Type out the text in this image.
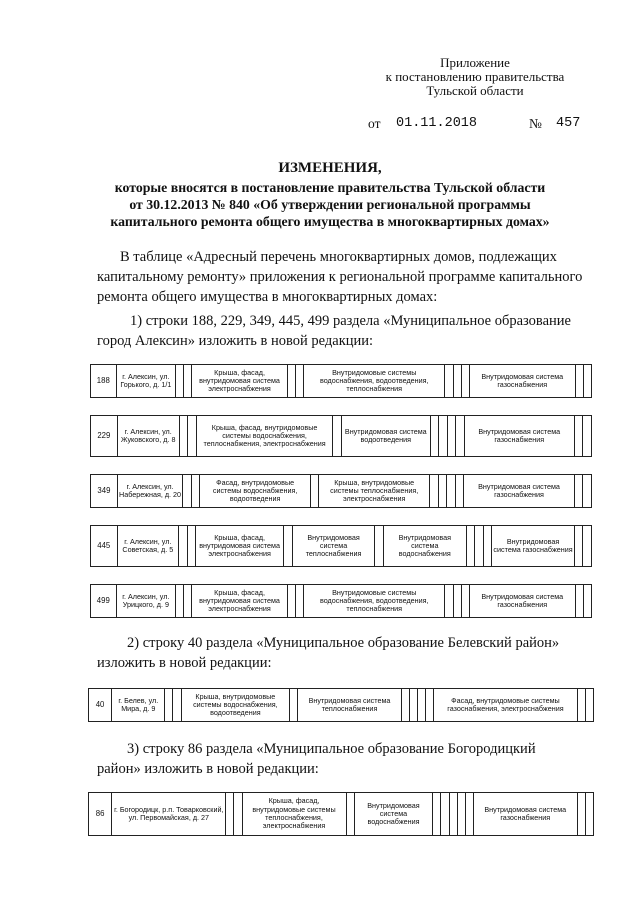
Приложение
к постановлению правительства
Тульской области
от 01.11.2018	№ 457
ИЗМЕНЕНИЯ,
которые вносятся в постановление правительства Тульской области
от 30.12.2013 № 840 «Об утверждении региональной программы
капитального ремонта общего имущества в многоквартирных домах»
В таблице «Адресный перечень многоквартирных домов, подлежащих
капитальному ремонту» приложения к региональной программе капитального
ремонта общего имущества в многоквартирных домах:
1) строки 188, 229, 349, 445, 499 раздела «Муниципальное образование
город Алексин» изложить в новой редакции:
188	г. Алексин, ул. Горького, д. 1/1			Крыша, фасад, внутридомовая система электроснабжения			Внутридомовые системы водоснабжения, водоотведения, теплоснабжения				Внутридомовая система газоснабжения		
229	г. Алексин, ул. Жуковского, д. 8			Крыша, фасад, внутридомовые системы водоснабжения, теплоснабжения, электроснабжения		Внутридомовая система водоотведения					Внутридомовая система газоснабжения		
349	г. Алексин, ул. Набережная, д. 20			Фасад, внутридомовые системы водоснабжения, водоотведения		Крыша, внутридомовые системы теплоснабжения, электроснабжения					Внутридомовая система газоснабжения		
445	г. Алексин, ул. Советская, д. 5			Крыша, фасад, внутридомовая система электроснабжения		Внутридомовая система теплоснабжения		Внутридомовая система водоснабжения				Внутридомовая система газоснабжения		
499	г. Алексин, ул. Урицкого, д. 9			Крыша, фасад, внутридомовая система электроснабжения			Внутридомовые системы водоснабжения, водоотведения, теплоснабжения				Внутридомовая система газоснабжения		
2) строку 40 раздела «Муниципальное образование Белевский район»
изложить в новой редакции:
40	г. Белев, ул. Мира, д. 9			Крыша, внутридомовые системы водоснабжения, водоотведения		Внутридомовая система теплоснабжения					Фасад, внутридомовые системы газоснабжения, электроснабжения		
3) строку 86 раздела «Муниципальное образование Богородицкий
район» изложить в новой редакции:
86	г. Богородицк, р.п. Товарковский, ул. Первомайская, д. 27			Крыша, фасад, внутридомовые системы теплоснабжения, электроснабжения		Внутридомовая система водоснабжения						Внутридомовая система газоснабжения		
